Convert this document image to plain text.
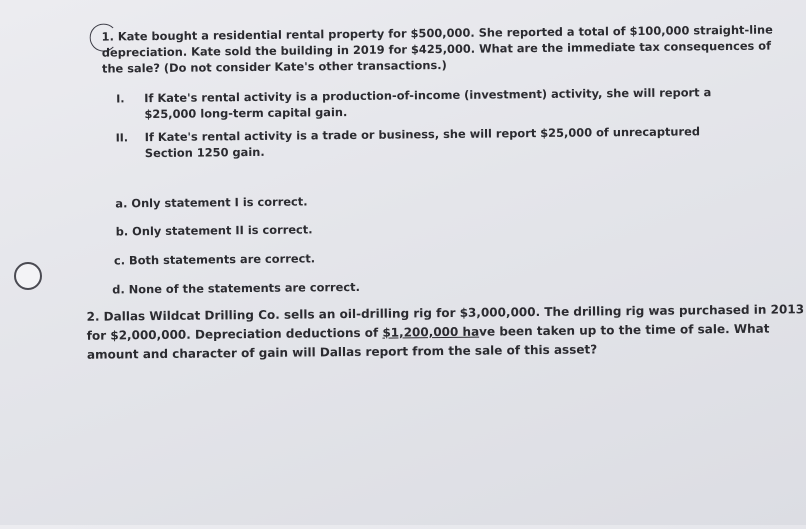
1. Kate bought a residential rental property for $500,000. She reported a total of $100,000 straight-line
depreciation. Kate sold the building in 2019 for $425,000. What are the immediate tax consequences of
the sale? (Do not consider Kate's other transactions.)
I. If Kate's rental activity is a production-of-income (investment) activity, she will report a
$25,000 long-term capital gain.
II. If Kate's rental activity is a trade or business, she will report $25,000 of unrecaptured
Section 1250 gain.
a. Only statement I is correct.
b. Only statement II is correct.
c. Both statements are correct.
d. None of the statements are correct.
2. Dallas Wildcat Drilling Co. sells an oil-drilling rig for $3,000,000. The drilling rig was purchased in 2013
for $2,000,000. Depreciation deductions of $1,200,000 have been taken up to the time of sale. What
amount and character of gain will Dallas report from the sale of this asset?
